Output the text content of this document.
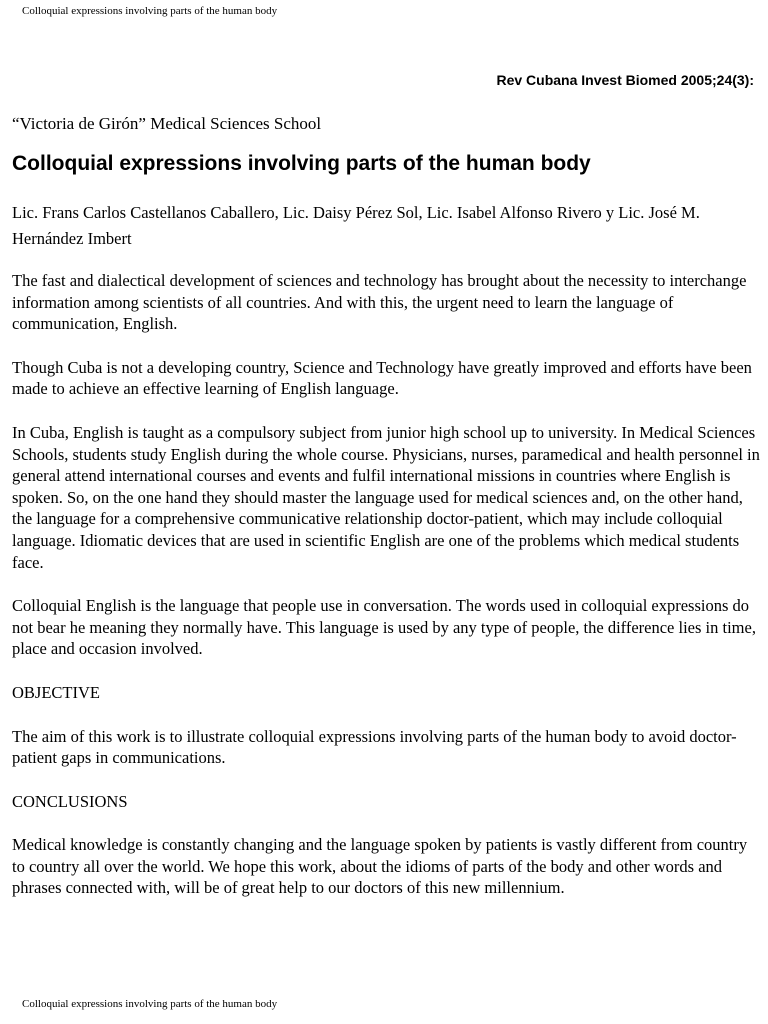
Colloquial expressions involving parts of the human body
Rev Cubana Invest Biomed 2005;24(3):

“Victoria de Girón” Medical Sciences School

Colloquial expressions involving parts of the human body

Lic. Frans Carlos Castellanos Caballero, Lic. Daisy Pérez Sol, Lic. Isabel Alfonso Rivero y Lic. José M. Hernández Imbert

The fast and dialectical development of sciences and technology has brought about the necessity to interchange information among scientists of all countries. And with this, the urgent need to learn the language of communication, English.

Though Cuba is not a developing country, Science and Technology have greatly improved and efforts have been made to achieve an effective learning of English language.

In Cuba, English is taught as a compulsory subject from junior high school up to university. In Medical Sciences Schools, students study English during the whole course. Physicians, nurses, paramedical and health personnel in general attend international courses and events and fulfil international missions in countries where English is spoken. So, on the one hand they should master the language used for medical sciences and, on the other hand, the language for a comprehensive communicative relationship doctor-patient, which may include colloquial language. Idiomatic devices that are used in scientific English are one of the problems which medical students face.

Colloquial English is the language that people use in conversation. The words used in colloquial expressions do not bear he meaning they normally have. This language is used by any type of people, the difference lies in time, place and occasion involved.

OBJECTIVE

The aim of this work is to illustrate colloquial expressions involving parts of the human body to avoid doctor- patient gaps in communications.

CONCLUSIONS

Medical knowledge is constantly changing and the language spoken by patients is vastly different from country to country all over the world. We hope this work, about the idioms of parts of the body and other words and phrases connected with, will be of great help to our doctors of this new millennium.

Colloquial expressions involving parts of the human body
